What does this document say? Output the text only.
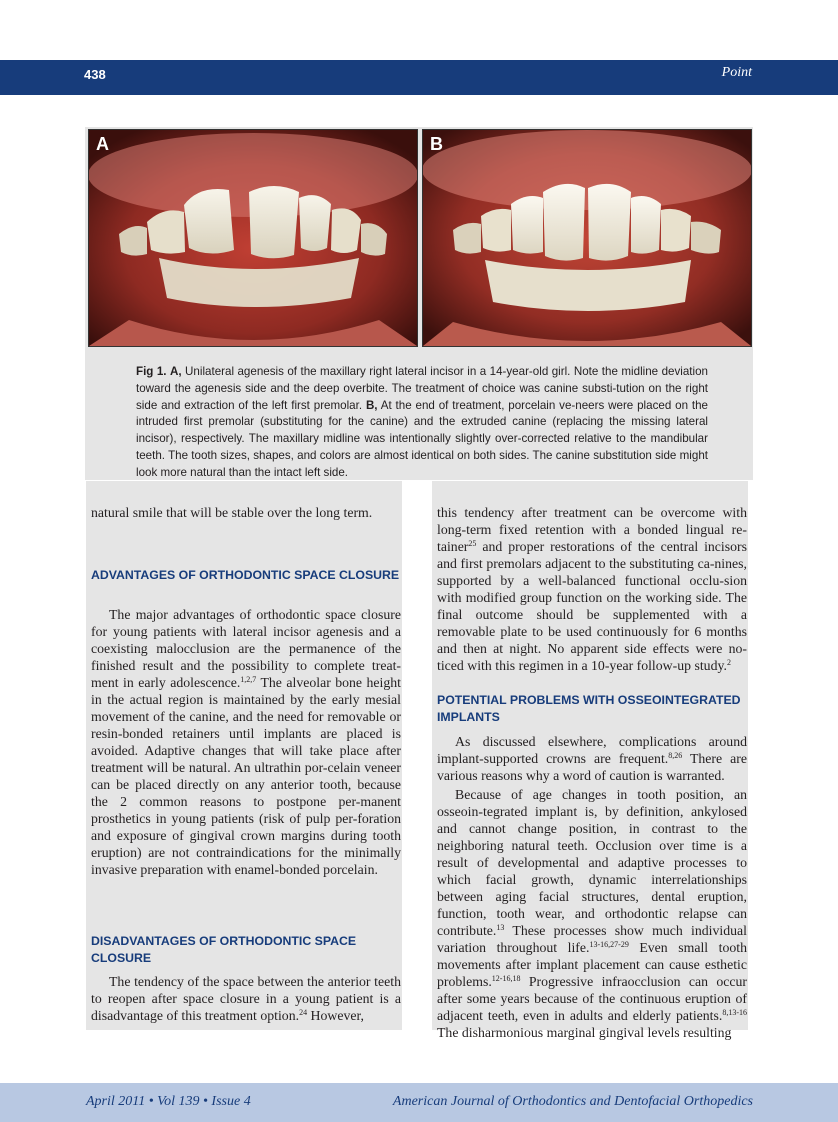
438	Point
A	B
Fig 1. A, Unilateral agenesis of the maxillary right lateral incisor in a 14-year-old girl. Note the midline deviation toward the agenesis side and the deep overbite. The treatment of choice was canine substi-tution on the right side and extraction of the left first premolar. B, At the end of treatment, porcelain ve-neers were placed on the intruded first premolar (substituting for the canine) and the extruded canine (replacing the missing lateral incisor), respectively. The maxillary midline was intentionally slightly over-corrected relative to the mandibular teeth. The tooth sizes, shapes, and colors are almost identical on both sides. The canine substitution side might look more natural than the intact left side.

natural smile that will be stable over the long term.

ADVANTAGES OF ORTHODONTIC SPACE CLOSURE

The major advantages of orthodontic space closure for young patients with lateral incisor agenesis and a coexisting malocclusion are the permanence of the finished result and the possibility to complete treat-ment in early adolescence.$^{1,2,7}$ The alveolar bone height in the actual region is maintained by the early mesial movement of the canine, and the need for removable or resin-bonded retainers until implants are placed is avoided. Adaptive changes that will take place after treatment will be natural. An ultrathin por-celain veneer can be placed directly on any anterior tooth, because the 2 common reasons to postpone per-manent prosthetics in young patients (risk of pulp per-foration and exposure of gingival crown margins during tooth eruption) are not contraindications for the minimally invasive preparation with enamel-bonded porcelain.

DISADVANTAGES OF ORTHODONTIC SPACE CLOSURE

The tendency of the space between the anterior teeth to reopen after space closure in a young patient is a disadvantage of this treatment option.$^{24}$ However,

this tendency after treatment can be overcome with long-term fixed retention with a bonded lingual re-tainer$^{25}$ and proper restorations of the central incisors and first premolars adjacent to the substituting ca-nines, supported by a well-balanced functional occlu-sion with modified group function on the working side. The final outcome should be supplemented with a removable plate to be used continuously for 6 months and then at night. No apparent side effects were no-ticed with this regimen in a 10-year follow-up study.$^2$

POTENTIAL PROBLEMS WITH OSSEOINTEGRATED IMPLANTS

As discussed elsewhere, complications around implant-supported crowns are frequent.$^{8,26}$ There are various reasons why a word of caution is warranted.

Because of age changes in tooth position, an osseoin-tegrated implant is, by definition, ankylosed and cannot change position, in contrast to the neighboring natural teeth. Occlusion over time is a result of developmental and adaptive processes to which facial growth, dynamic interrelationships between aging facial structures, dental eruption, function, tooth wear, and orthodontic relapse can contribute.$^{13}$ These processes show much individual variation throughout life.$^{13-16,27-29}$ Even small tooth movements after implant placement can cause esthetic problems.$^{12-16,18}$ Progressive infraocclusion can occur after some years because of the continuous eruption of adjacent teeth, even in adults and elderly patients.$^{8,13-16}$ The disharmonious marginal gingival levels resulting

April 2011 • Vol 139 • Issue 4	American Journal of Orthodontics and Dentofacial Orthopedics
